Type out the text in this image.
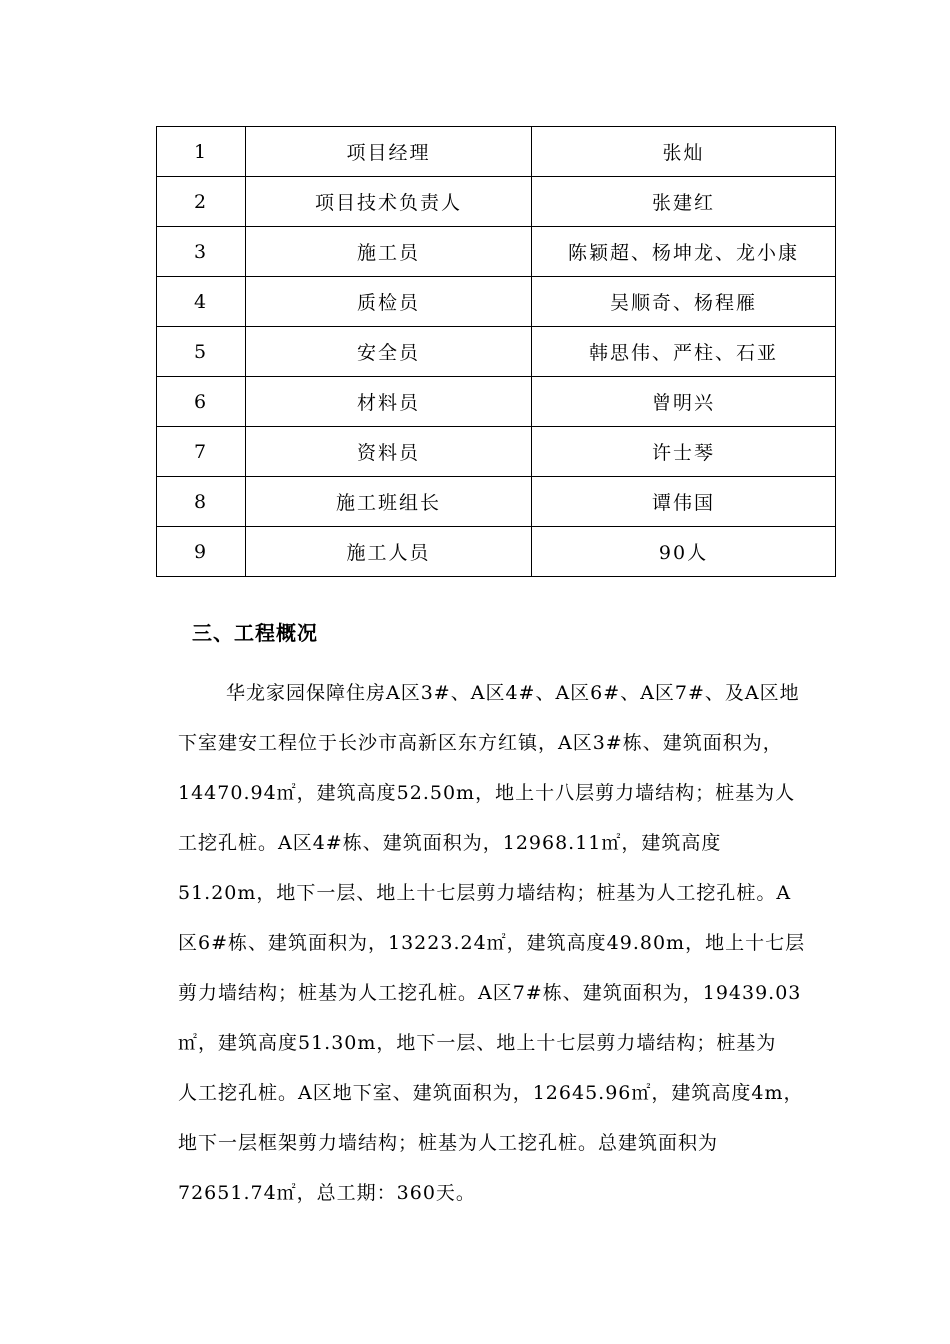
1	项目经理	张灿
2	项目技术负责人	张建红
3	施工员	陈颖超、杨坤龙、龙小康
4	质检员	吴顺奇、杨程雁
5	安全员	韩思伟、严柱、石亚
6	材料员	曾明兴
7	资料员	许士琴
8	施工班组长	谭伟国
9	施工人员	90人
三、工程概况
华龙家园保障住房A区3#、A区4#、A区6#、A区7#、及A区地
下室建安工程位于长沙市高新区东方红镇，A区3#栋、建筑面积为，
14470.94㎡，建筑高度52.50m，地上十八层剪力墙结构；桩基为人
工挖孔桩。A区4#栋、建筑面积为，12968.11㎡，建筑高度
51.20m，地下一层、地上十七层剪力墙结构；桩基为人工挖孔桩。A
区6#栋、建筑面积为，13223.24㎡，建筑高度49.80m，地上十七层
剪力墙结构；桩基为人工挖孔桩。A区7#栋、建筑面积为，19439.03
㎡，建筑高度51.30m，地下一层、地上十七层剪力墙结构；桩基为
人工挖孔桩。A区地下室、建筑面积为，12645.96㎡，建筑高度4m，
地下一层框架剪力墙结构；桩基为人工挖孔桩。总建筑面积为
72651.74㎡，总工期：360天。
